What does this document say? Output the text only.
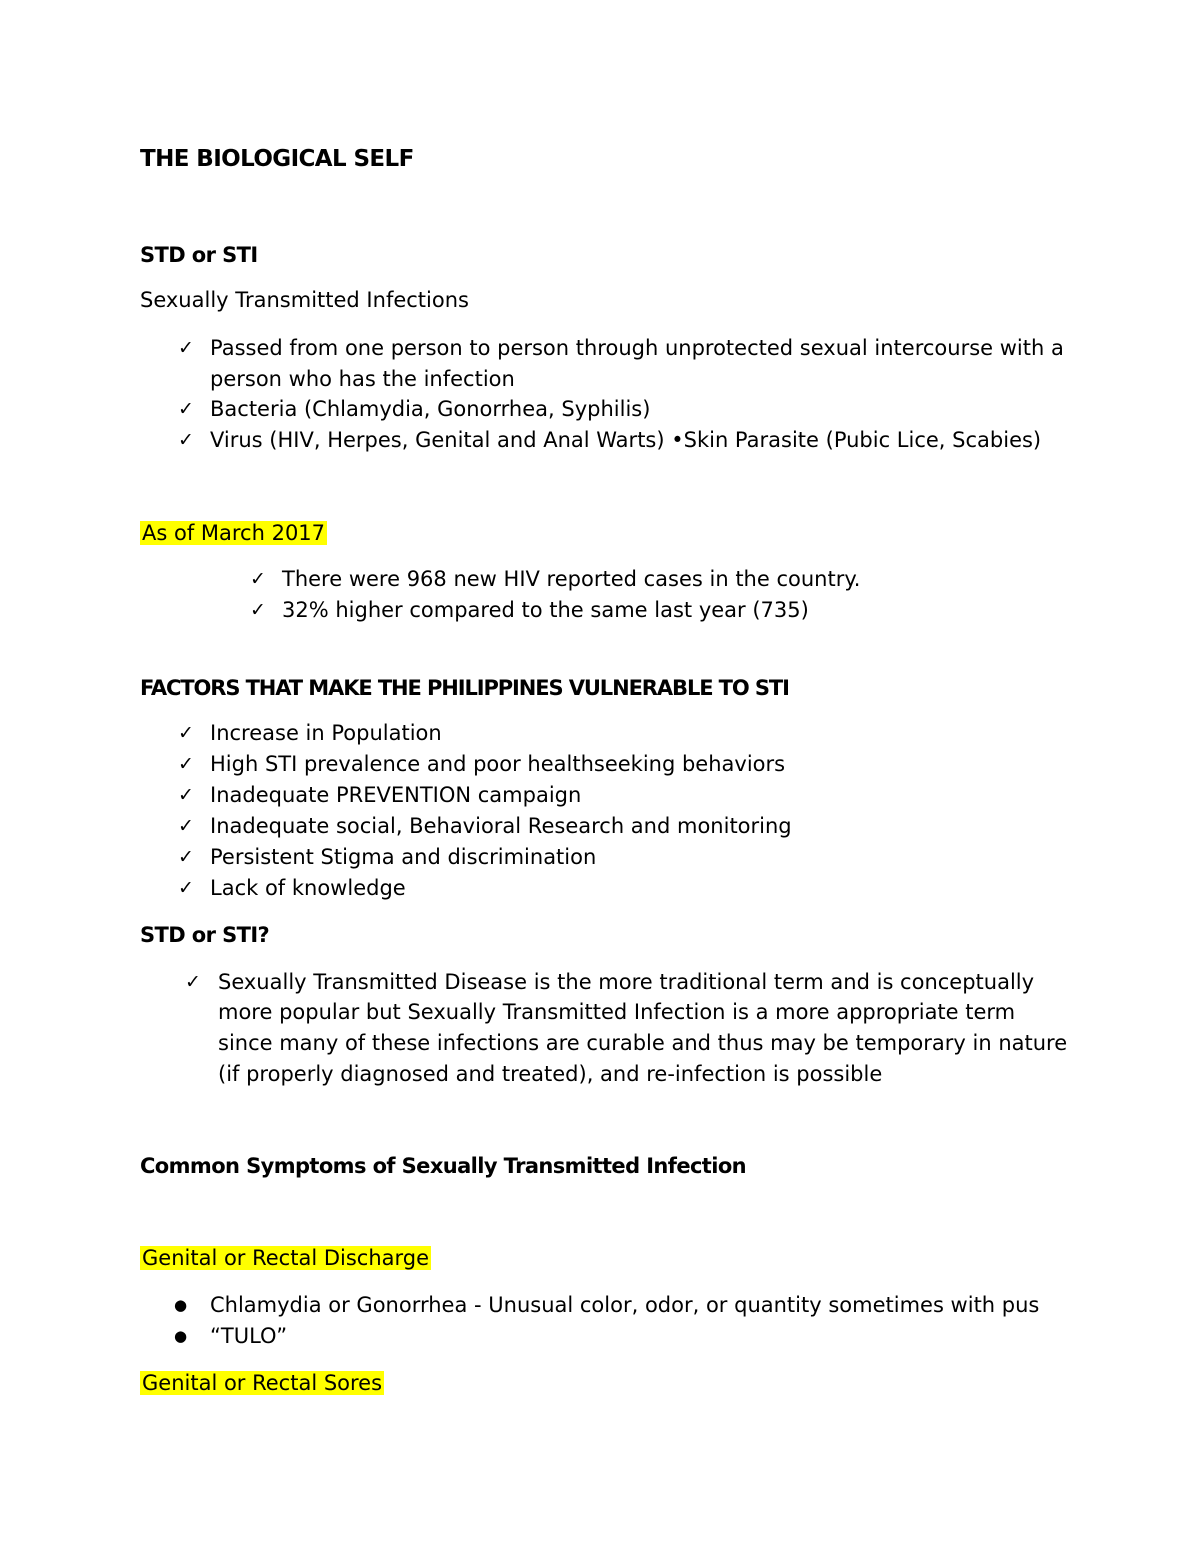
THE BIOLOGICAL SELF
STD or STI
Sexually Transmitted Infections
✓ Passed from one person to person through unprotected sexual intercourse with a
person who has the infection
✓ Bacteria (Chlamydia, Gonorrhea, Syphilis)
✓ Virus (HIV, Herpes, Genital and Anal Warts) •Skin Parasite (Pubic Lice, Scabies)
As of March 2017
✓ There were 968 new HIV reported cases in the country.
✓ 32% higher compared to the same last year (735)
FACTORS THAT MAKE THE PHILIPPINES VULNERABLE TO STI
✓ Increase in Population
✓ High STI prevalence and poor healthseeking behaviors
✓ Inadequate PREVENTION campaign
✓ Inadequate social, Behavioral Research and monitoring
✓ Persistent Stigma and discrimination
✓ Lack of knowledge
STD or STI?
✓ Sexually Transmitted Disease is the more traditional term and is conceptually
more popular but Sexually Transmitted Infection is a more appropriate term
since many of these infections are curable and thus may be temporary in nature
(if properly diagnosed and treated), and re-infection is possible
Common Symptoms of Sexually Transmitted Infection
Genital or Rectal Discharge
● Chlamydia or Gonorrhea - Unusual color, odor, or quantity sometimes with pus
● “TULO”
Genital or Rectal Sores
